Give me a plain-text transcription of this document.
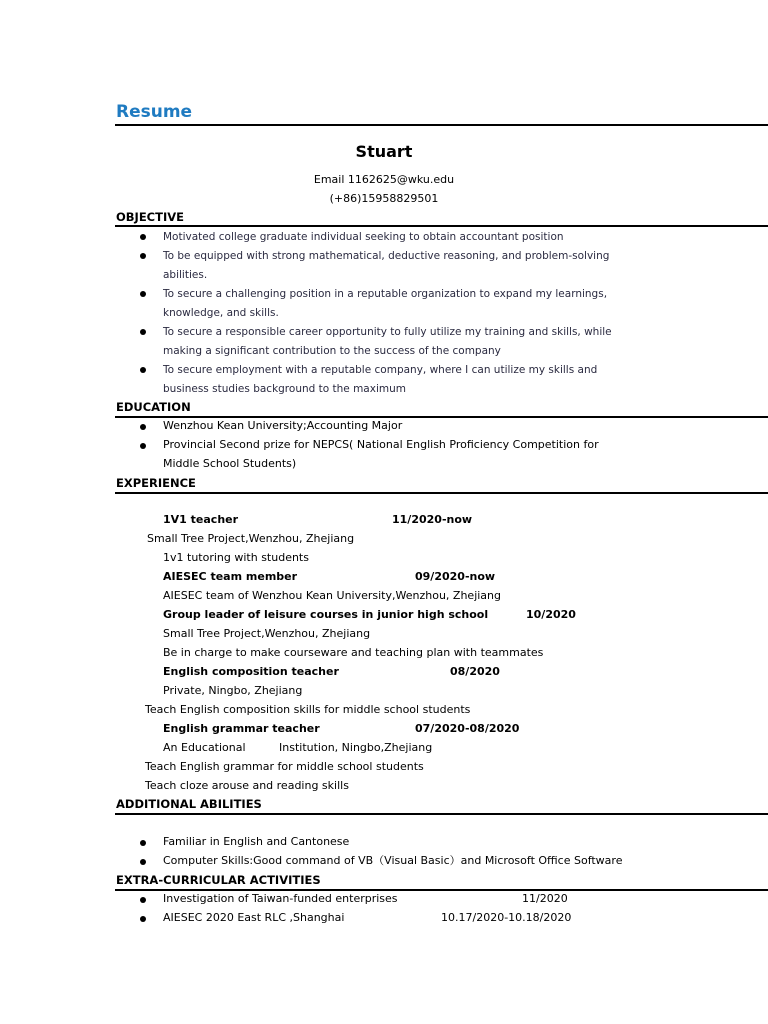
Resume
Stuart
Email 1162625@wku.edu
(+86)15958829501
OBJECTIVE
Motivated college graduate individual seeking to obtain accountant position
To be equipped with strong mathematical, deductive reasoning, and problem-solving
abilities.
To secure a challenging position in a reputable organization to expand my learnings,
knowledge, and skills.
To secure a responsible career opportunity to fully utilize my training and skills, while
making a significant contribution to the success of the company
To secure employment with a reputable company, where I can utilize my skills and
business studies background to the maximum
EDUCATION
Wenzhou Kean University;Accounting Major
Provincial Second prize for NEPCS( National English Proficiency Competition for
Middle School Students)
EXPERIENCE
1V1 teacher	11/2020-now
Small Tree Project,Wenzhou, Zhejiang
1v1 tutoring with students
AIESEC team member	09/2020-now
AIESEC team of Wenzhou Kean University,Wenzhou, Zhejiang
Group leader of leisure courses in junior high school	10/2020
Small Tree Project,Wenzhou, Zhejiang
Be in charge to make courseware and teaching plan with teammates
English composition teacher	08/2020
Private, Ningbo, Zhejiang
Teach English composition skills for middle school students
English grammar teacher	07/2020-08/2020
An Educational	Institution, Ningbo,Zhejiang
Teach English grammar for middle school students
Teach cloze arouse and reading skills
ADDITIONAL ABILITIES
Familiar in English and Cantonese
Computer Skills:Good command of VB（Visual Basic）and Microsoft Office Software
EXTRA-CURRICULAR ACTIVITIES
Investigation of Taiwan-funded enterprises	11/2020
AIESEC 2020 East RLC ,Shanghai	10.17/2020-10.18/2020
